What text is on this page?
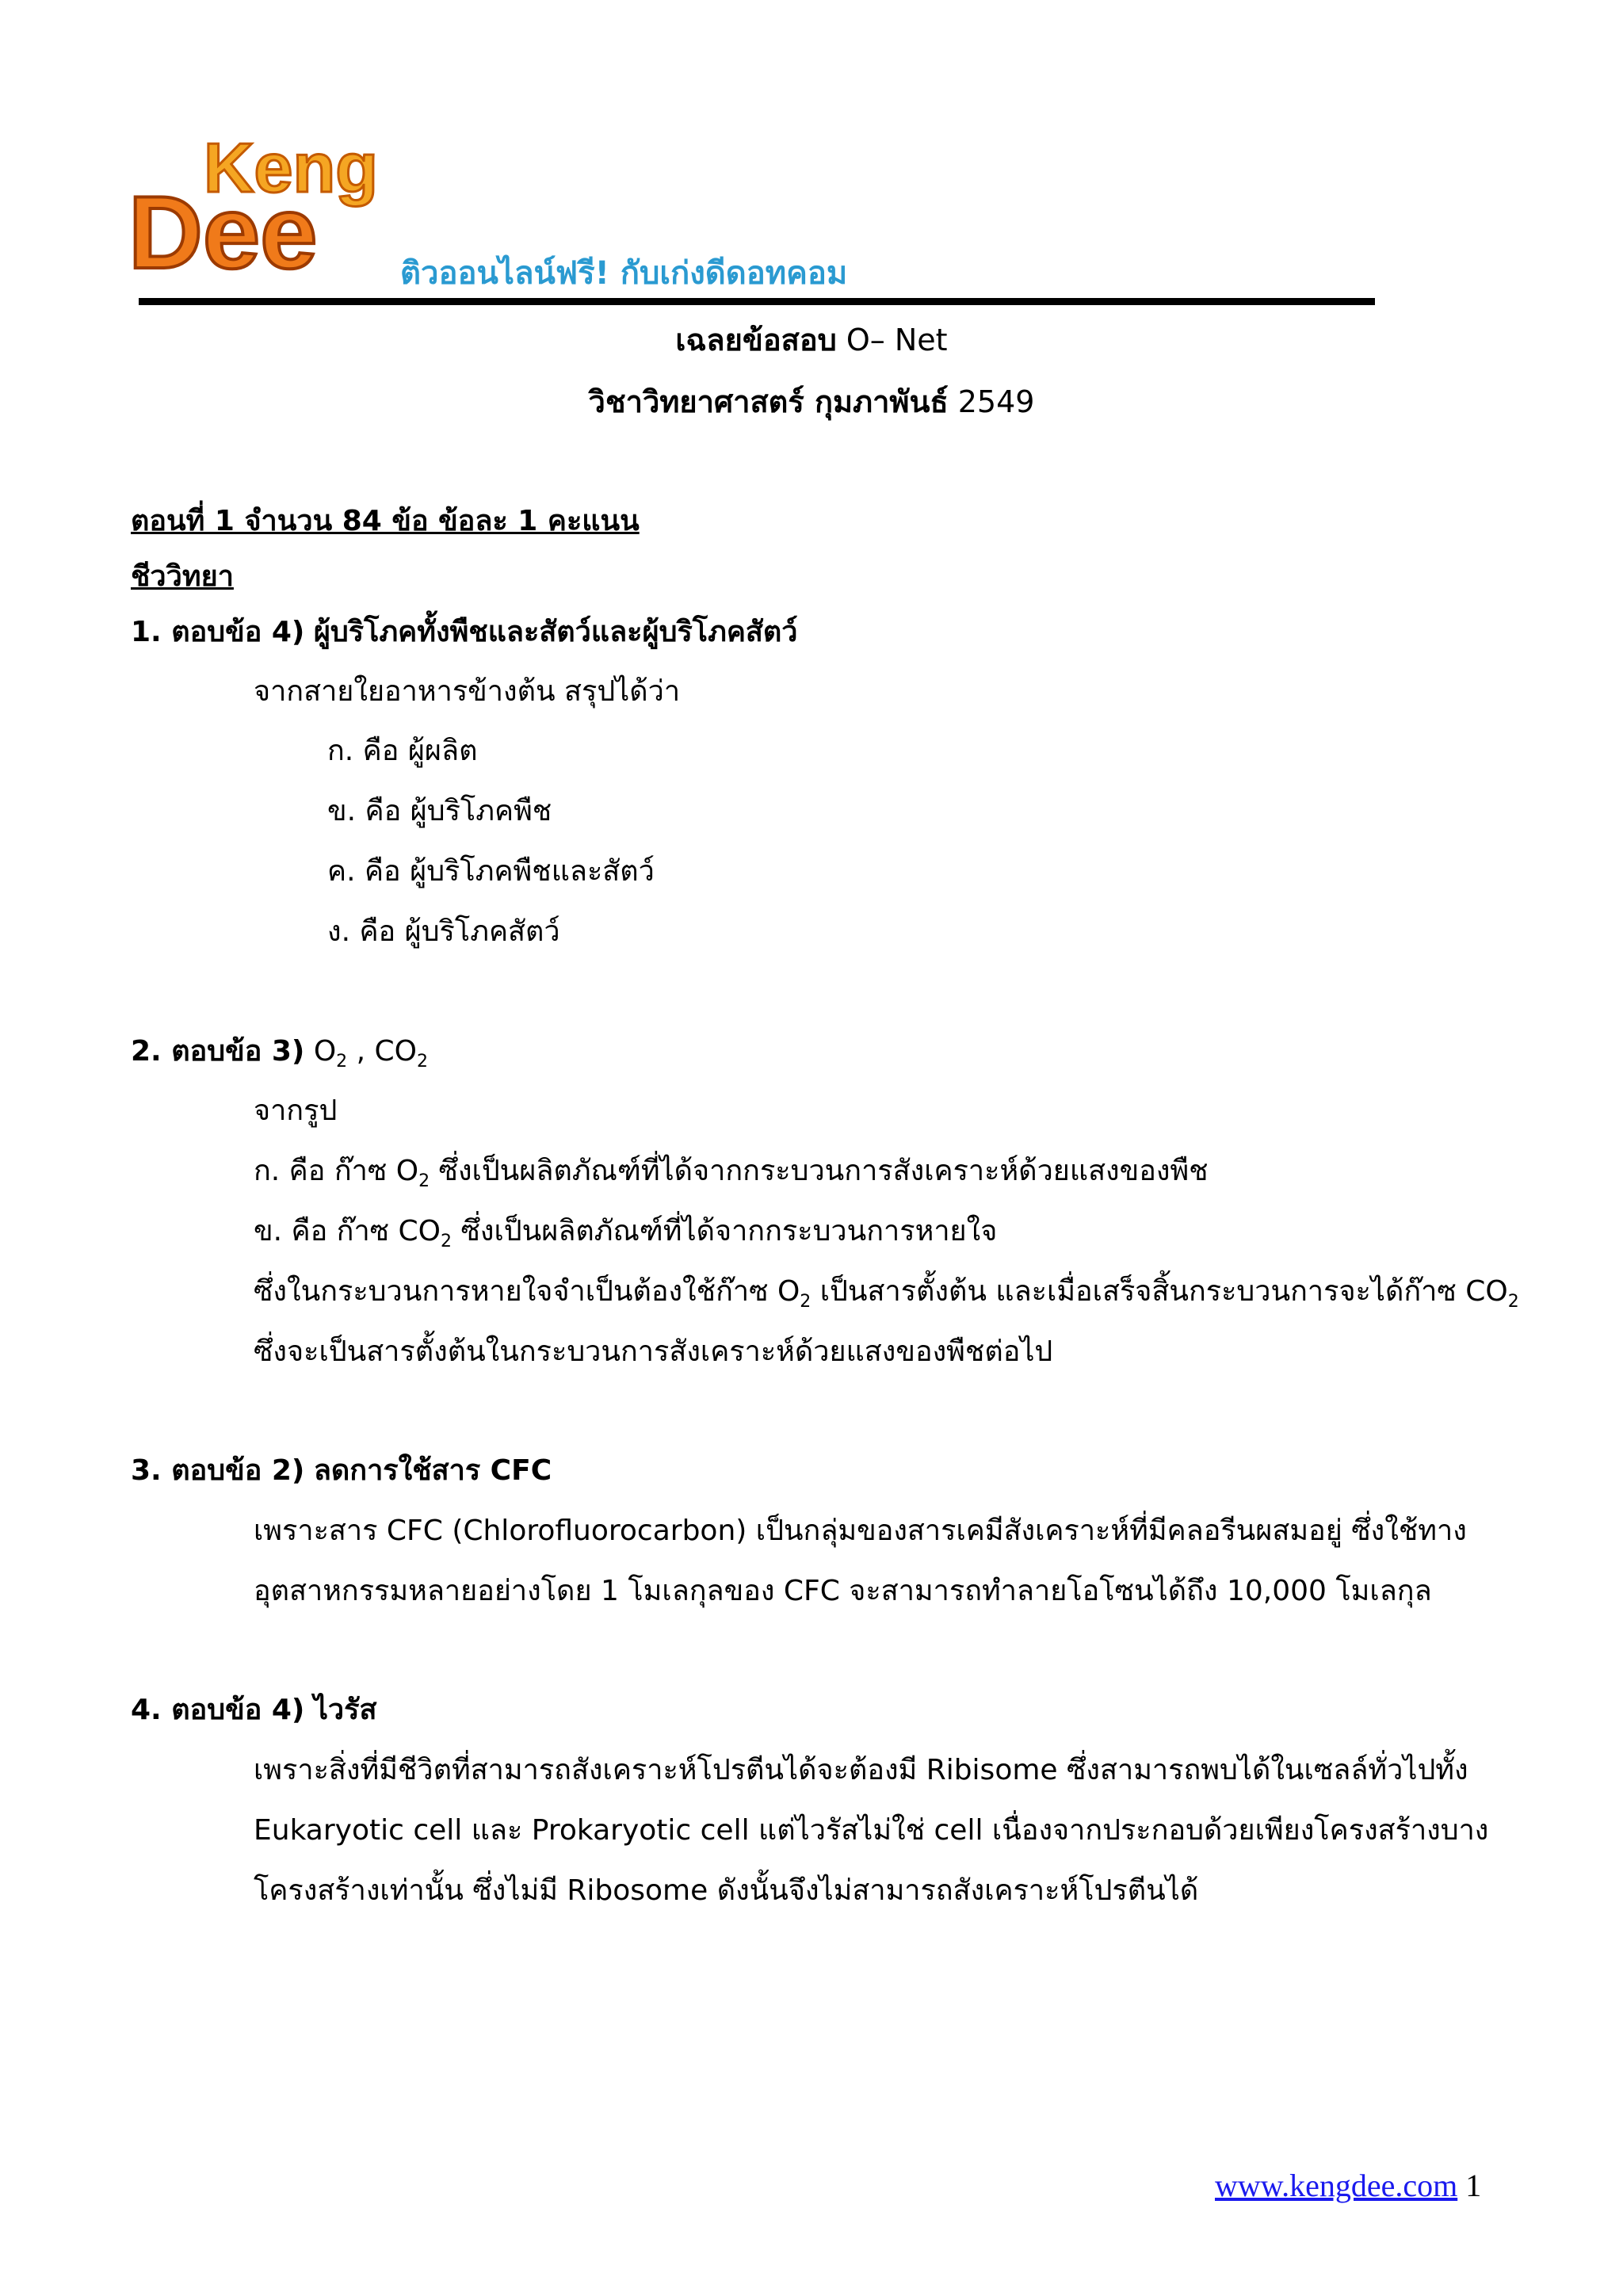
Keng
Dee	ติวออนไลน์ฟรี! กับเก่งดีดอทคอม
เฉลยข้อสอบ O– Net
วิชาวิทยาศาสตร์ กุมภาพันธ์ 2549
ตอนที่ 1 จำนวน 84 ข้อ ข้อละ 1 คะแนน
ชีววิทยา
1. ตอบข้อ 4) ผู้บริโภคทั้งพืชและสัตว์และผู้บริโภคสัตว์
จากสายใยอาหารข้างต้น สรุปได้ว่า
ก. คือ ผู้ผลิต
ข. คือ ผู้บริโภคพืช
ค. คือ ผู้บริโภคพืชและสัตว์
ง. คือ ผู้บริโภคสัตว์
2. ตอบข้อ 3) $O_2$ , $CO_2$
จากรูป
ก. คือ ก๊าซ $O_2$ ซึ่งเป็นผลิตภัณฑ์ที่ได้จากกระบวนการสังเคราะห์ด้วยแสงของพืช
ข. คือ ก๊าซ $CO_2$ ซึ่งเป็นผลิตภัณฑ์ที่ได้จากกระบวนการหายใจ
ซึ่งในกระบวนการหายใจจำเป็นต้องใช้ก๊าซ $O_2$ เป็นสารตั้งต้น และเมื่อเสร็จสิ้นกระบวนการจะได้ก๊าซ $CO_2$
ซึ่งจะเป็นสารตั้งต้นในกระบวนการสังเคราะห์ด้วยแสงของพืชต่อไป
3. ตอบข้อ 2) ลดการใช้สาร CFC
เพราะสาร CFC (Chlorofluorocarbon) เป็นกลุ่มของสารเคมีสังเคราะห์ที่มีคลอรีนผสมอยู่ ซึ่งใช้ทาง
อุตสาหกรรมหลายอย่างโดย 1 โมเลกุลของ CFC จะสามารถทำลายโอโซนได้ถึง 10,000 โมเลกุล
4. ตอบข้อ 4) ไวรัส
เพราะสิ่งที่มีชีวิตที่สามารถสังเคราะห์โปรตีนได้จะต้องมี Ribisome ซึ่งสามารถพบได้ในเซลล์ทั่วไปทั้ง
Eukaryotic cell และ Prokaryotic cell แต่ไวรัสไม่ใช่ cell เนื่องจากประกอบด้วยเพียงโครงสร้างบาง
โครงสร้างเท่านั้น ซึ่งไม่มี Ribosome ดังนั้นจึงไม่สามารถสังเคราะห์โปรตีนได้
www.kengdee.com 1
